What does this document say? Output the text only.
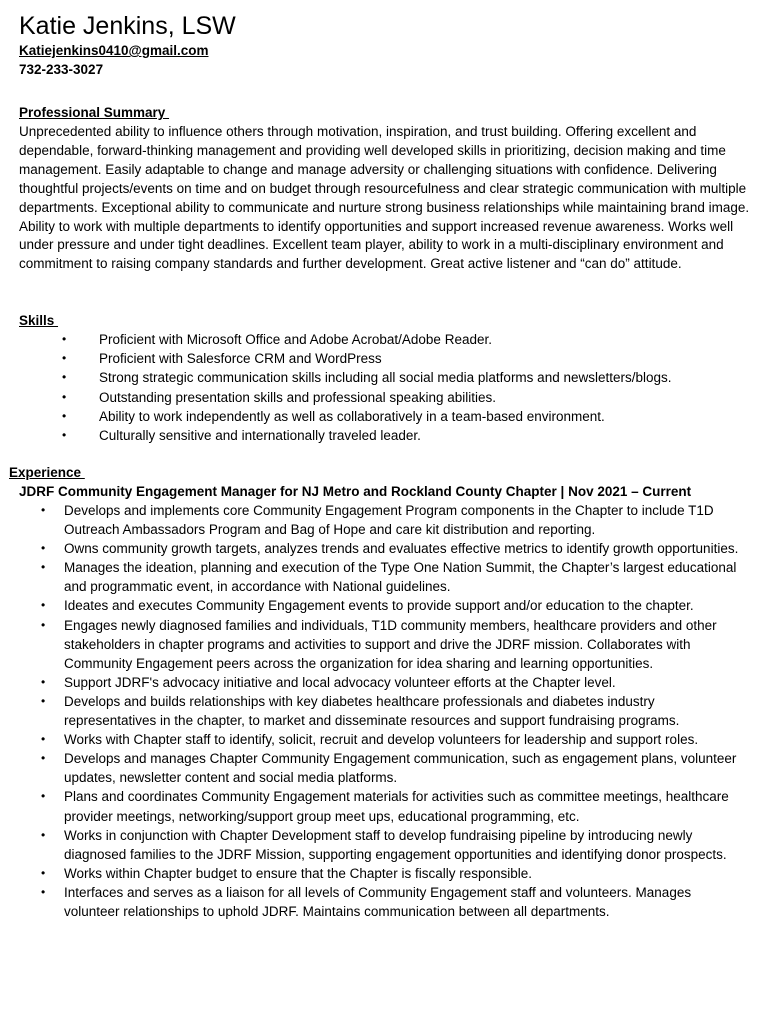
Katie Jenkins, LSW
Katiejenkins0410@gmail.com
732-233-3027
Professional Summary

Unprecedented ability to influence others through motivation, inspiration, and trust building. Offering excellent and dependable, forward-thinking management and providing well developed skills in prioritizing, decision making and time management. Easily adaptable to change and manage adversity or challenging situations with confidence. Delivering thoughtful projects/events on time and on budget through resourcefulness and clear strategic communication with multiple departments. Exceptional ability to communicate and nurture strong business relationships while maintaining brand image. Ability to work with multiple departments to identify opportunities and support increased revenue awareness. Works well under pressure and under tight deadlines. Excellent team player, ability to work in a multi-disciplinary environment and commitment to raising company standards and further development. Great active listener and “can do” attitude.

Skills
• Proficient with Microsoft Office and Adobe Acrobat/Adobe Reader.
• Proficient with Salesforce CRM and WordPress
• Strong strategic communication skills including all social media platforms and newsletters/blogs.
• Outstanding presentation skills and professional speaking abilities.
• Ability to work independently as well as collaboratively in a team-based environment.
• Culturally sensitive and internationally traveled leader.
Experience
JDRF Community Engagement Manager for NJ Metro and Rockland County Chapter | Nov 2021 – Current
• Develops and implements core Community Engagement Program components in the Chapter to include T1D Outreach Ambassadors Program and Bag of Hope and care kit distribution and reporting.
• Owns community growth targets, analyzes trends and evaluates effective metrics to identify growth opportunities.
• Manages the ideation, planning and execution of the Type One Nation Summit, the Chapter’s largest educational and programmatic event, in accordance with National guidelines.
• Ideates and executes Community Engagement events to provide support and/or education to the chapter.
• Engages newly diagnosed families and individuals, T1D community members, healthcare providers and other stakeholders in chapter programs and activities to support and drive the JDRF mission. Collaborates with Community Engagement peers across the organization for idea sharing and learning opportunities.
• Support JDRF's advocacy initiative and local advocacy volunteer efforts at the Chapter level.
• Develops and builds relationships with key diabetes healthcare professionals and diabetes industry representatives in the chapter, to market and disseminate resources and support fundraising programs.
• Works with Chapter staff to identify, solicit, recruit and develop volunteers for leadership and support roles.
• Develops and manages Chapter Community Engagement communication, such as engagement plans, volunteer updates, newsletter content and social media platforms.
• Plans and coordinates Community Engagement materials for activities such as committee meetings, healthcare provider meetings, networking/support group meet ups, educational programming, etc.
• Works in conjunction with Chapter Development staff to develop fundraising pipeline by introducing newly diagnosed families to the JDRF Mission, supporting engagement opportunities and identifying donor prospects.
• Works within Chapter budget to ensure that the Chapter is fiscally responsible.
• Interfaces and serves as a liaison for all levels of Community Engagement staff and volunteers. Manages volunteer relationships to uphold JDRF. Maintains communication between all departments.
